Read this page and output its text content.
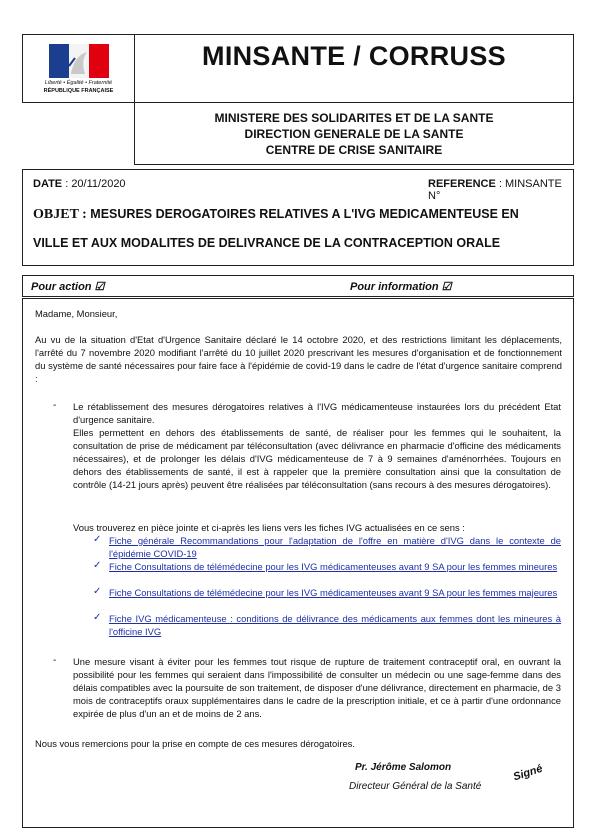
Liberté • Égalité • Fraternité
RÉPUBLIQUE FRANÇAISE
MINSANTE / CORRUSS
MINISTERE DES SOLIDARITES ET DE LA SANTE
DIRECTION GENERALE DE LA SANTE
CENTRE DE CRISE SANITAIRE
DATE : 20/11/2020	REFERENCE : MINSANTE N°
OBJET : MESURES DEROGATOIRES RELATIVES A L'IVG MEDICAMENTEUSE EN
VILLE ET AUX MODALITES DE DELIVRANCE DE LA CONTRACEPTION ORALE
Pour action ☑	Pour information ☑
Madame, Monsieur,
Au vu de la situation d'Etat d'Urgence Sanitaire déclaré le 14 octobre 2020, et des restrictions limitant les déplacements, l'arrêté du 7 novembre 2020 modifiant l'arrêté du 10 juillet 2020 prescrivant les mesures d'organisation et de fonctionnement du système de santé nécessaires pour faire face à l'épidémie de covid-19 dans le cadre de l'état d'urgence sanitaire comprend :
- Le rétablissement des mesures dérogatoires relatives à l'IVG médicamenteuse instaurées lors du précédent Etat d'urgence sanitaire.
Elles permettent en dehors des établissements de santé, de réaliser pour les femmes qui le souhaitent, la consultation de prise de médicament par téléconsultation (avec délivrance en pharmacie d'officine des médicaments nécessaires), et de prolonger les délais d'IVG médicamenteuse de 7 à 9 semaines d'aménorrhées. Toujours en dehors des établissements de santé, il est à rappeler que la première consultation ainsi que la consultation de contrôle (14-21 jours après) peuvent être réalisées par téléconsultation (sans recours à des mesures dérogatoires).
Vous trouverez en pièce jointe et ci-après les liens vers les fiches IVG actualisées en ce sens :
✓ Fiche générale Recommandations pour l'adaptation de l'offre en matière d'IVG dans le contexte de l'épidémie COVID-19
✓ Fiche Consultations de télémédecine pour les IVG médicamenteuses avant 9 SA pour les femmes mineures
✓ Fiche Consultations de télémédecine pour les IVG médicamenteuses avant 9 SA pour les femmes majeures
✓ Fiche IVG médicamenteuse : conditions de délivrance des médicaments aux femmes dont les mineures à l'officine IVG
- Une mesure visant à éviter pour les femmes tout risque de rupture de traitement contraceptif oral, en ouvrant la possibilité pour les femmes qui seraient dans l'impossibilité de consulter un médecin ou une sage-femme dans des délais compatibles avec la poursuite de son traitement, de disposer d'une délivrance, directement en pharmacie, de 3 mois de contraceptifs oraux supplémentaires dans le cadre de la prescription initiale, et ce à partir d'une ordonnance expirée de plus d'un an et de moins de 2 ans.
Nous vous remercions pour la prise en compte de ces mesures dérogatoires.
Pr. Jérôme Salomon
Directeur Général de la Santé
Signé
